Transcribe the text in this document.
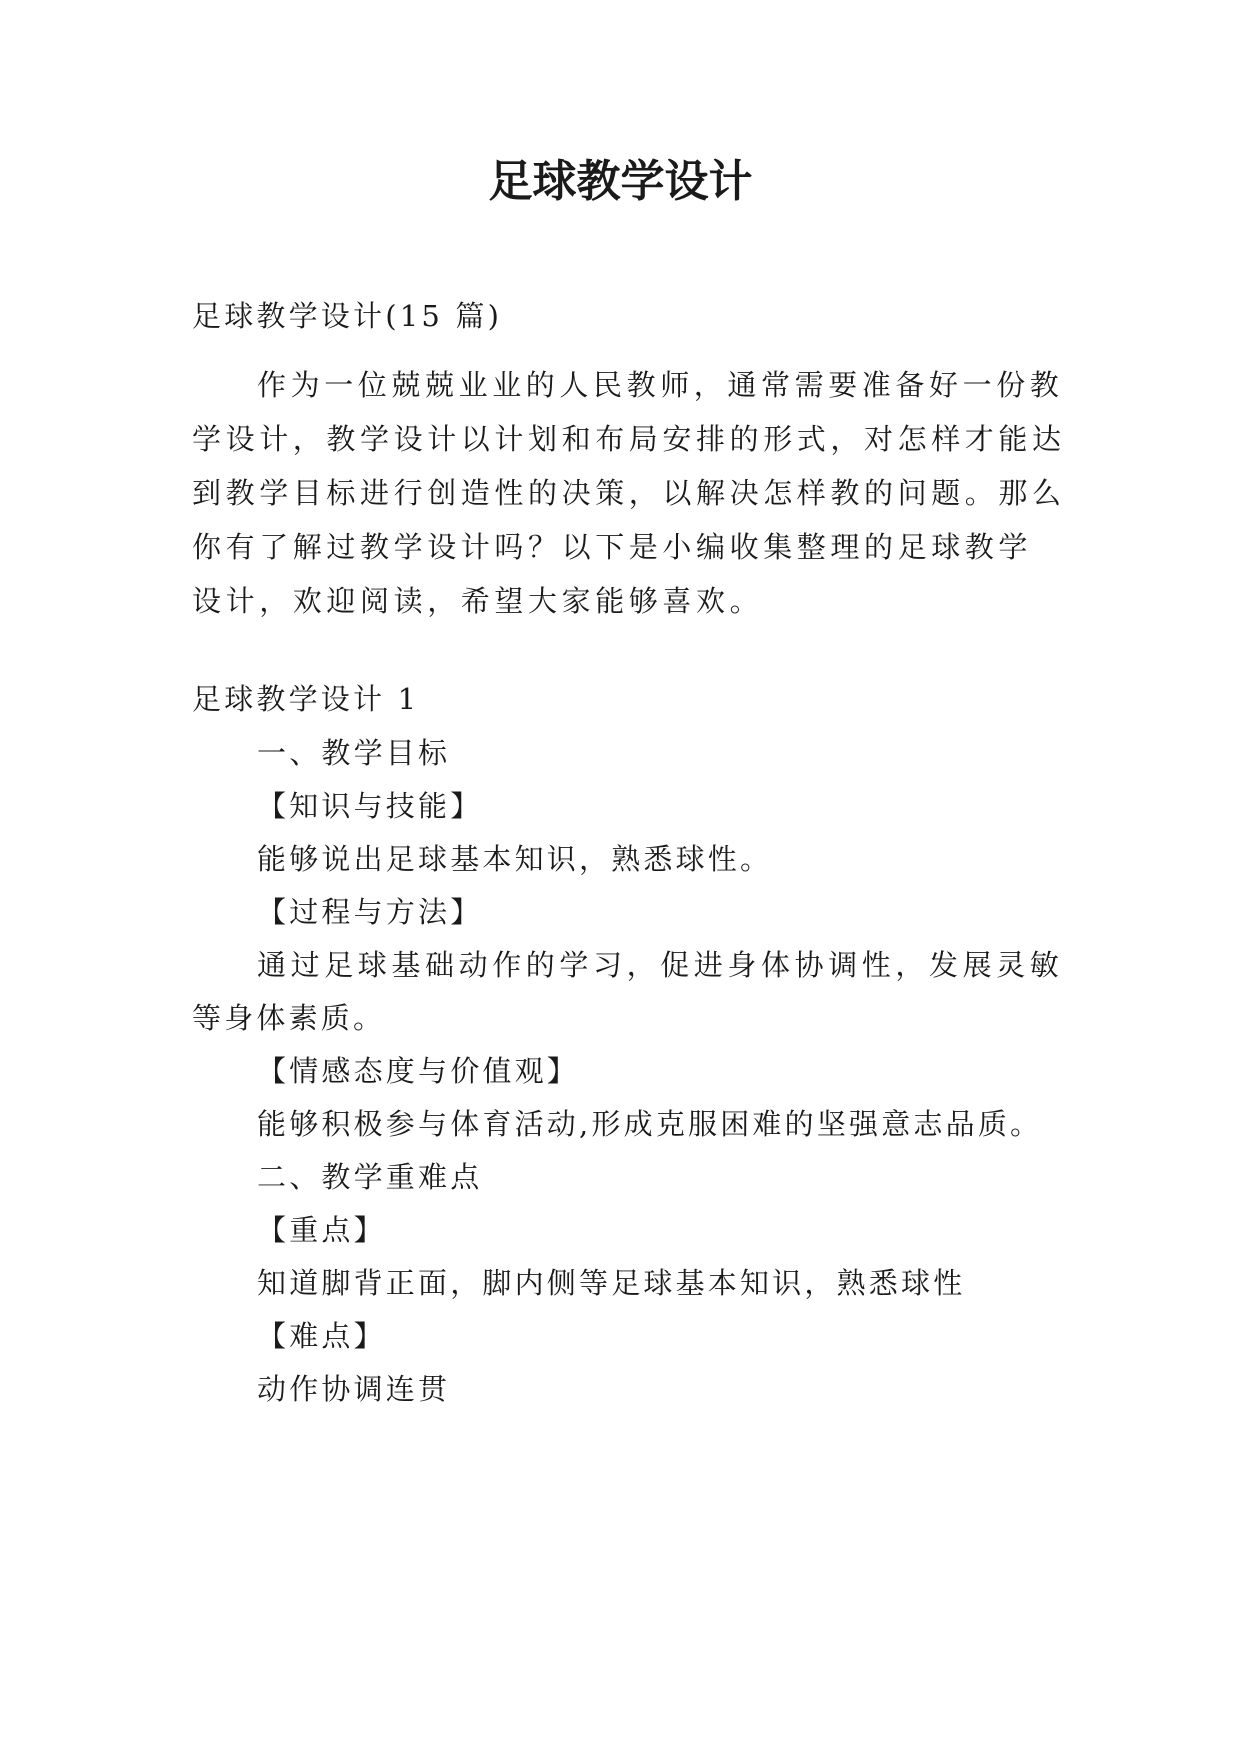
足球教学设计
足球教学设计(15 篇)
作为一位兢兢业业的人民教师，通常需要准备好一份教
学设计，教学设计以计划和布局安排的形式，对怎样才能达
到教学目标进行创造性的决策，以解决怎样教的问题。那么
你有了解过教学设计吗？以下是小编收集整理的足球教学
设计，欢迎阅读，希望大家能够喜欢。
足球教学设计 1
一、教学目标
【知识与技能】
能够说出足球基本知识，熟悉球性。
【过程与方法】
通过足球基础动作的学习，促进身体协调性，发展灵敏
等身体素质。
【情感态度与价值观】
能够积极参与体育活动,形成克服困难的坚强意志品质。
二、教学重难点
【重点】
知道脚背正面，脚内侧等足球基本知识，熟悉球性
【难点】
动作协调连贯
